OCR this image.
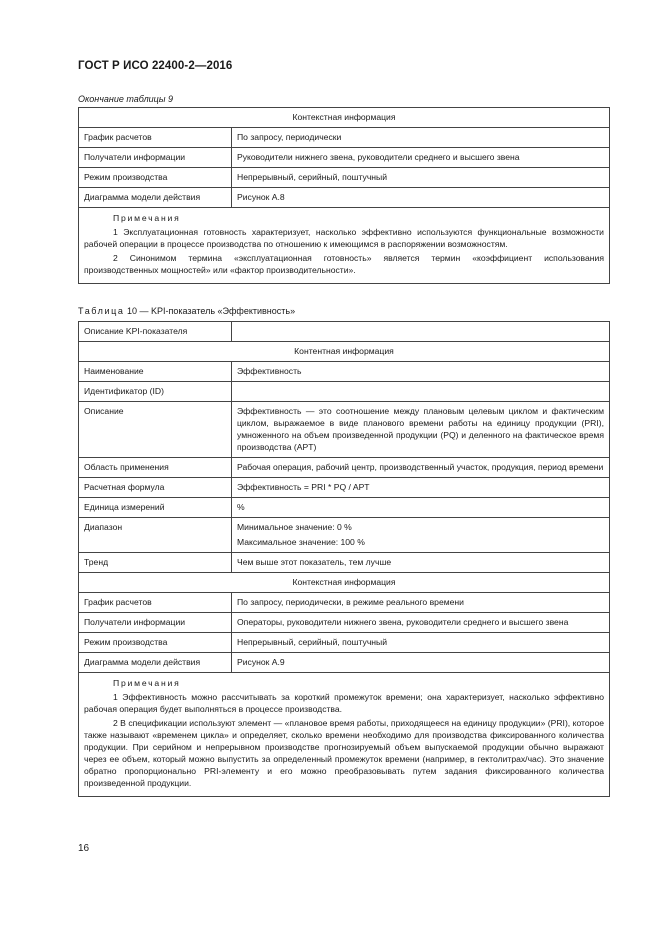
ГОСТ Р ИСО 22400-2—2016
Окончание таблицы 9
Контекстная информация	
График расчетов	По запросу, периодически
Получатели информации	Руководители нижнего звена, руководители среднего и высшего звена
Режим производства	Непрерывный, серийный, поштучный
Диаграмма модели действия	Рисунок А.8

Примечания

1 Эксплуатационная готовность характеризует, насколько эффективно используются функциональные возможности рабочей операции в процессе производства по отношению к имеющимся в распоряжении возможностям.

2 Синонимом термина «эксплуатационная готовность» является термин «коэффициент использования производственных мощностей» или «фактор производительности».	

Таблица 10 — KPI-показатель «Эффективность»
Описание KPI-показателя	
Контентная информация	
Наименование	Эффективность
Идентификатор (ID)	
Описание	Эффективность — это соотношение между плановым целевым циклом и фактическим циклом, выражаемое в виде планового времени работы на единицу продукции (PRI), умноженного на объем произведенной продукции (PQ) и деленного на фактическое время производства (APT)
Область применения	Рабочая операция, рабочий центр, производственный участок, продукция, период времени
Расчетная формула	Эффективность = PRI * PQ / APT
Единица измерений	%
Диапазон	Минимальное значение: 0 %
Максимальное значение: 100 %

Тренд	Чем выше этот показатель, тем лучше
Контекстная информация	
График расчетов	По запросу, периодически, в режиме реального времени
Получатели информации	Операторы, руководители нижнего звена, руководители среднего и высшего звена
Режим производства	Непрерывный, серийный, поштучный
Диаграмма модели действия	Рисунок А.9

Примечания

1 Эффективность можно рассчитывать за короткий промежуток времени; она характеризует, насколько эффективно рабочая операция будет выполняться в процессе производства.

2 В спецификации используют элемент — «плановое время работы, приходящееся на единицу продукции» (PRI), которое также называют «временем цикла» и определяет, сколько времени необходимо для производства фиксированного количества продукции. При серийном и непрерывном производстве прогнозируемый объем выпускаемой продукции обычно выражают через ее объем, который можно выпустить за определенный промежуток времени (например, в гектолитрах/час). Это значение обратно пропорционально PRI-элементу и его можно преобразовывать путем задания фиксированного количества произведенной продукции.	

16
